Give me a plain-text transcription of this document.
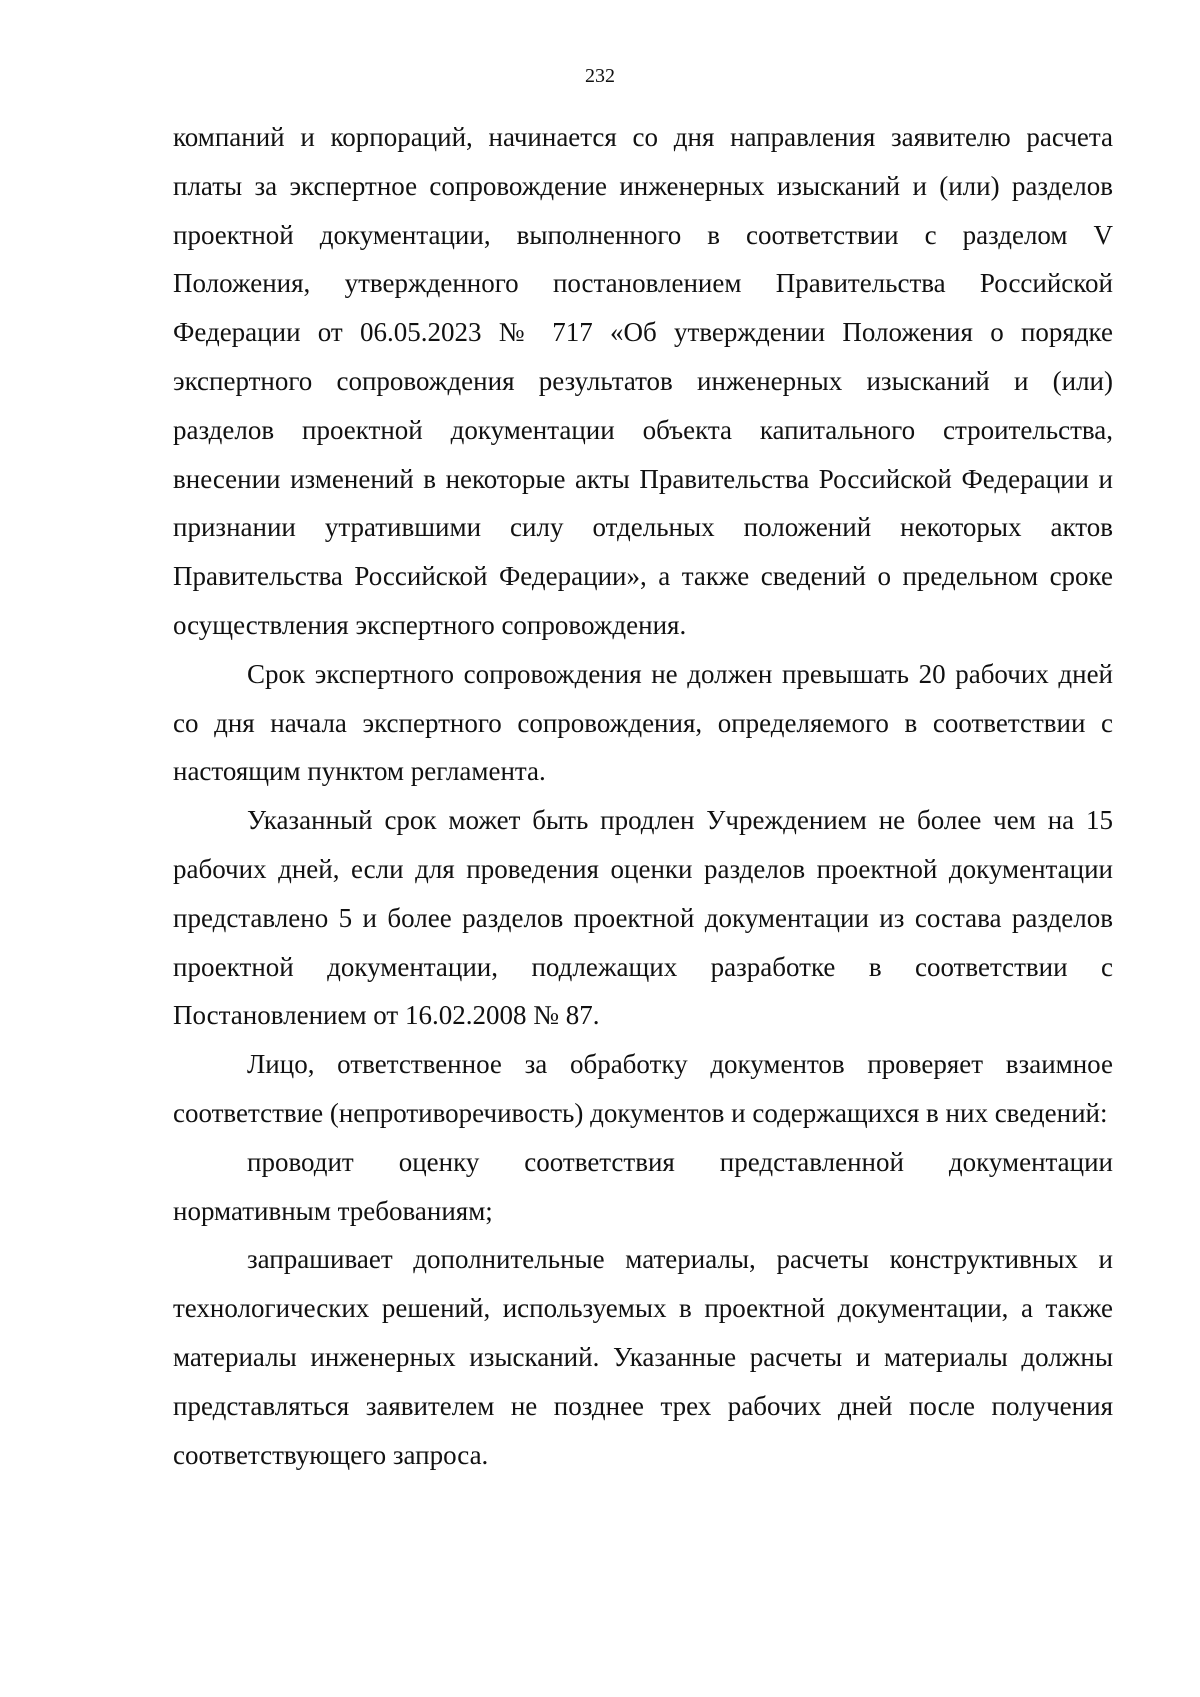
232

компаний и корпораций, начинается со дня направления заявителю расчета платы за экспертное сопровождение инженерных изысканий и (или) разделов проектной документации, выполненного в соответствии с разделом V Положения, утвержденного постановлением Правительства Российской Федерации от 06.05.2023 № 717 «Об утверждении Положения о порядке экспертного сопровождения результатов инженерных изысканий и (или) разделов проектной документации объекта капитального строительства, внесении изменений в некоторые акты Правительства Российской Федерации и признании утратившими силу отдельных положений некоторых актов Правительства Российской Федерации», а также сведений о предельном сроке осуществления экспертного сопровождения.

Срок экспертного сопровождения не должен превышать 20 рабочих дней со дня начала экспертного сопровождения, определяемого в соответствии с настоящим пунктом регламента.

Указанный срок может быть продлен Учреждением не более чем на 15 рабочих дней, если для проведения оценки разделов проектной документации представлено 5 и более разделов проектной документации из состава разделов проектной документации, подлежащих разработке в соответствии с Постановлением от 16.02.2008 № 87.

Лицо, ответственное за обработку документов проверяет взаимное соответствие (непротиворечивость) документов и содержащихся в них сведений:

проводит оценку соответствия представленной документации нормативным требованиям;

запрашивает дополнительные материалы, расчеты конструктивных и технологических решений, используемых в проектной документации, а также материалы инженерных изысканий. Указанные расчеты и материалы должны представляться заявителем не позднее трех рабочих дней после получения соответствующего запроса.
